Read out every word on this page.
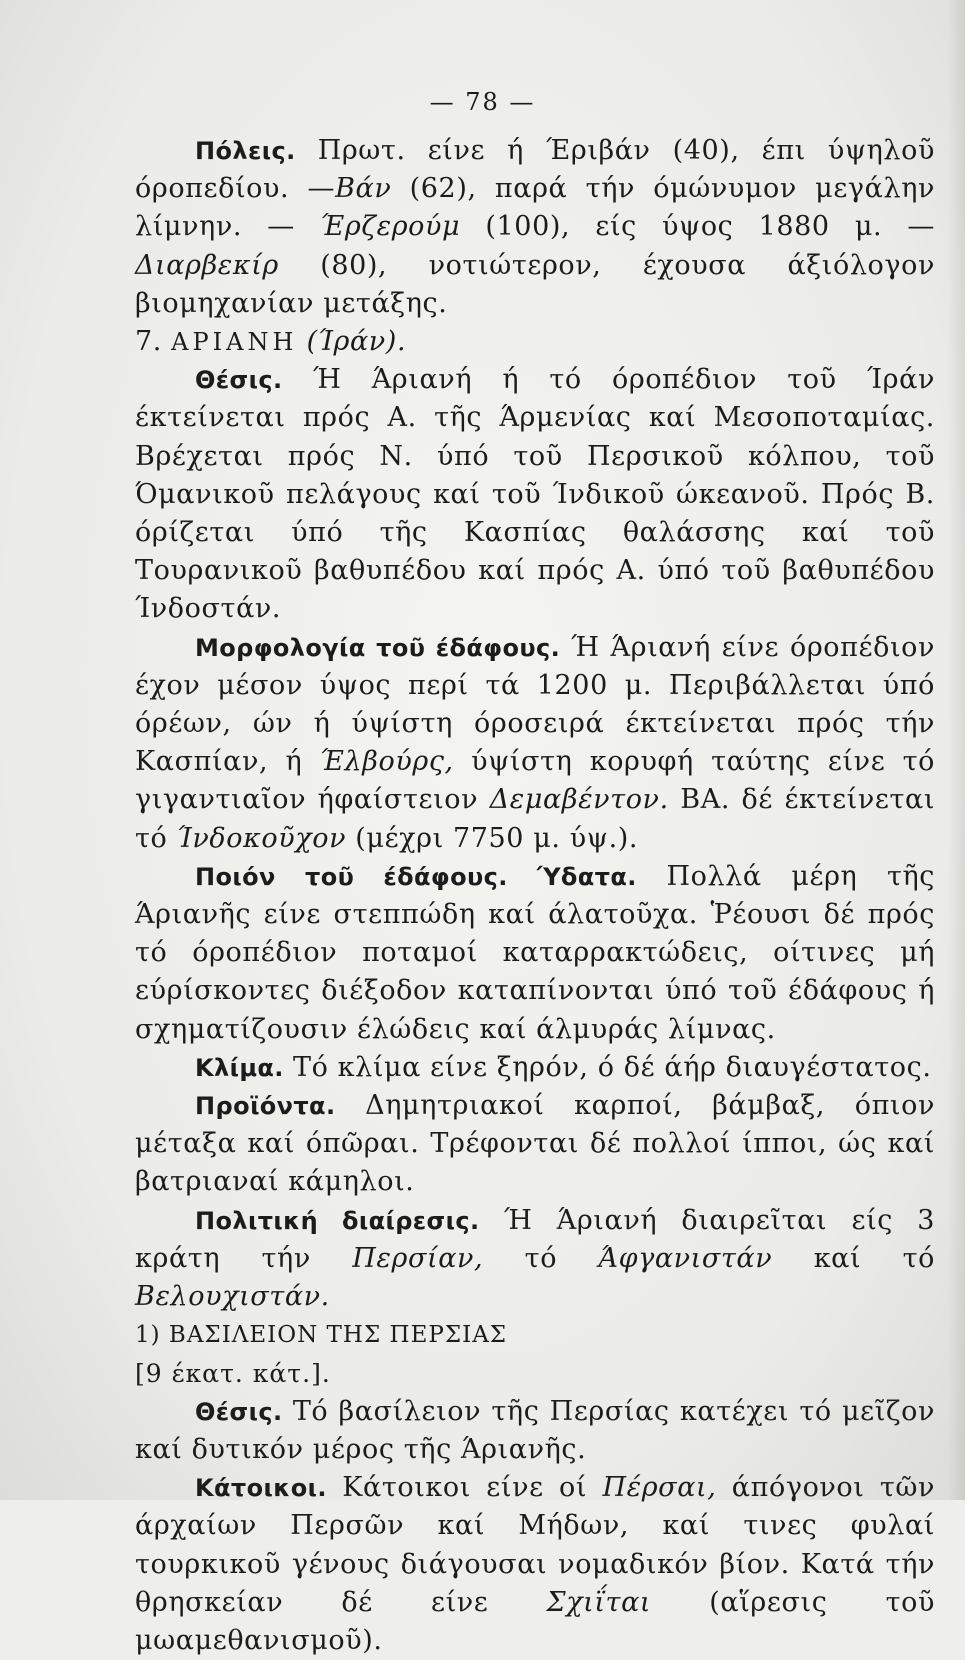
— 78 —

Πόλεις. Πρωτ. είνε ή Έριβάν (40), έπι ύψηλοῦ όροπεδίου. —Βάν (62), παρά τήν όμώνυμον μεγάλην λίμνην. — Έρζερούμ (100), είς ύψος 1880 μ. —Διαρβεκίρ (80), νοτιώτερον, έχουσα άξιόλογον βιομηχανίαν μετάξης.

7. ΑΡΙΑΝΗ (Ίράν).

Θέσις. Ή Άριανή ή τό όροπέδιον τοῦ Ίράν έκτείνεται πρός Α. τῆς Άρμενίας καί Μεσοποταμίας. Βρέχεται πρός Ν. ύπό τοῦ Περσικοῦ κόλπου, τοῦ Όμανικοῦ πελάγους καί τοῦ Ίνδικοῦ ώκεανοῦ. Πρός Β. όρίζεται ύπό τῆς Κασπίας θαλάσσης καί τοῦ Τουρανικοῦ βαθυπέδου καί πρός Α. ύπό τοῦ βαθυπέδου Ίνδοστάν.

Μορφολογία τοῦ έδάφους. Ή Άριανή είνε όροπέδιον έχον μέσον ύψος περί τά 1200 μ. Περιβάλλεται ύπό όρέων, ών ή ύψίστη όροσειρά έκτείνεται πρός τήν Κασπίαν, ή Έλβούρς, ύψίστη κορυφή ταύτης είνε τό γιγαντιαῖον ήφαίστειον Δεμαβέντον. ΒΑ. δέ έκτείνεται τό Ίνδοκοῦχον (μέχρι 7750 μ. ύψ.).

Ποιόν τοῦ έδάφους. Ύδατα. Πολλά μέρη τῆς Άριανῆς είνε στεππώδη καί άλατοῦχα. Ῥέουσι δέ πρός τό όροπέδιον ποταμοί καταρρακτώδεις, οίτινες μή εύρίσκοντες διέξοδον καταπίνονται ύπό τοῦ έδάφους ή σχηματίζουσιν έλώδεις καί άλμυράς λίμνας.

Κλίμα. Τό κλίμα είνε ξηρόν, ό δέ άήρ διαυγέστατος.

Προϊόντα. Δημητριακοί καρποί, βάμβαξ, όπιον μέταξα καί όπῶραι. Τρέφονται δέ πολλοί ίπποι, ώς καί βατριαναί κάμηλοι.

Πολιτική διαίρεσις. Ή Άριανή διαιρεῖται είς 3 κράτη τήν Περσίαν, τό Άφγανιστάν καί τό Βελουχιστάν.

1) ΒΑΣΙΛΕΙΟΝ ΤΗΣ ΠΕΡΣΙΑΣ

[9 έκατ. κάτ.].

Θέσις. Τό βασίλειον τῆς Περσίας κατέχει τό μεῖζον καί δυτικόν μέρος τῆς Άριανῆς.

Κάτοικοι. Κάτοικοι είνε οί Πέρσαι, άπόγονοι τῶν άρχαίων Περσῶν καί Μήδων, καί τινες φυλαί τουρκικοῦ γένους διάγουσαι νομαδικόν βίον. Κατά τήν θρησκείαν δέ είνε Σχιΐται (αἵρεσις τοῦ μωαμεθανισμοῦ).
